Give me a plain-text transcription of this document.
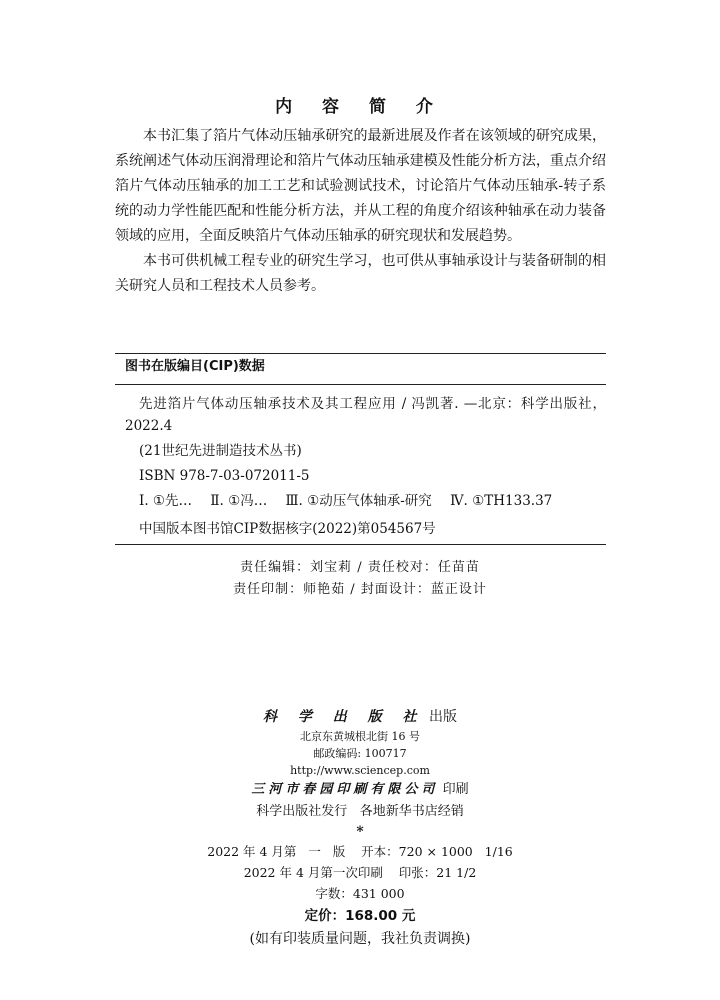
内 容 简 介

本书汇集了箔片气体动压轴承研究的最新进展及作者在该领域的研究成果，系统阐述气体动压润滑理论和箔片气体动压轴承建模及性能分析方法，重点介绍箔片气体动压轴承的加工工艺和试验测试技术，讨论箔片气体动压轴承-转子系统的动力学性能匹配和性能分析方法，并从工程的角度介绍该种轴承在动力装备领域的应用，全面反映箔片气体动压轴承的研究现状和发展趋势。

本书可供机械工程专业的研究生学习，也可供从事轴承设计与装备研制的相关研究人员和工程技术人员参考。

图书在版编目(CIP)数据
先进箔片气体动压轴承技术及其工程应用 / 冯凯著. —北京：科学出版社，2022.4
(21世纪先进制造技术丛书)
ISBN 978-7-03-072011-5
Ⅰ. ①先… Ⅱ. ①冯… Ⅲ. ①动压气体轴承-研究 Ⅳ. ①TH133.37
中国版本图书馆CIP数据核字(2022)第054567号
责任编辑：刘宝莉 / 责任校对：任苗苗
责任印制：师艳茹 / 封面设计：蓝正设计
科 学 出 版 社 出版
北京东黄城根北街 16 号
邮政编码: 100717
http://www.sciencep.com
三河市春园印刷有限公司 印刷
科学出版社发行   各地新华书店经销
*
2022 年 4 月第   一   版    开本：720 × 1000   1/16
2022 年 4 月第一次印刷    印张：21 1/2
字数：431 000
定价：168.00 元
(如有印装质量问题，我社负责调换)
